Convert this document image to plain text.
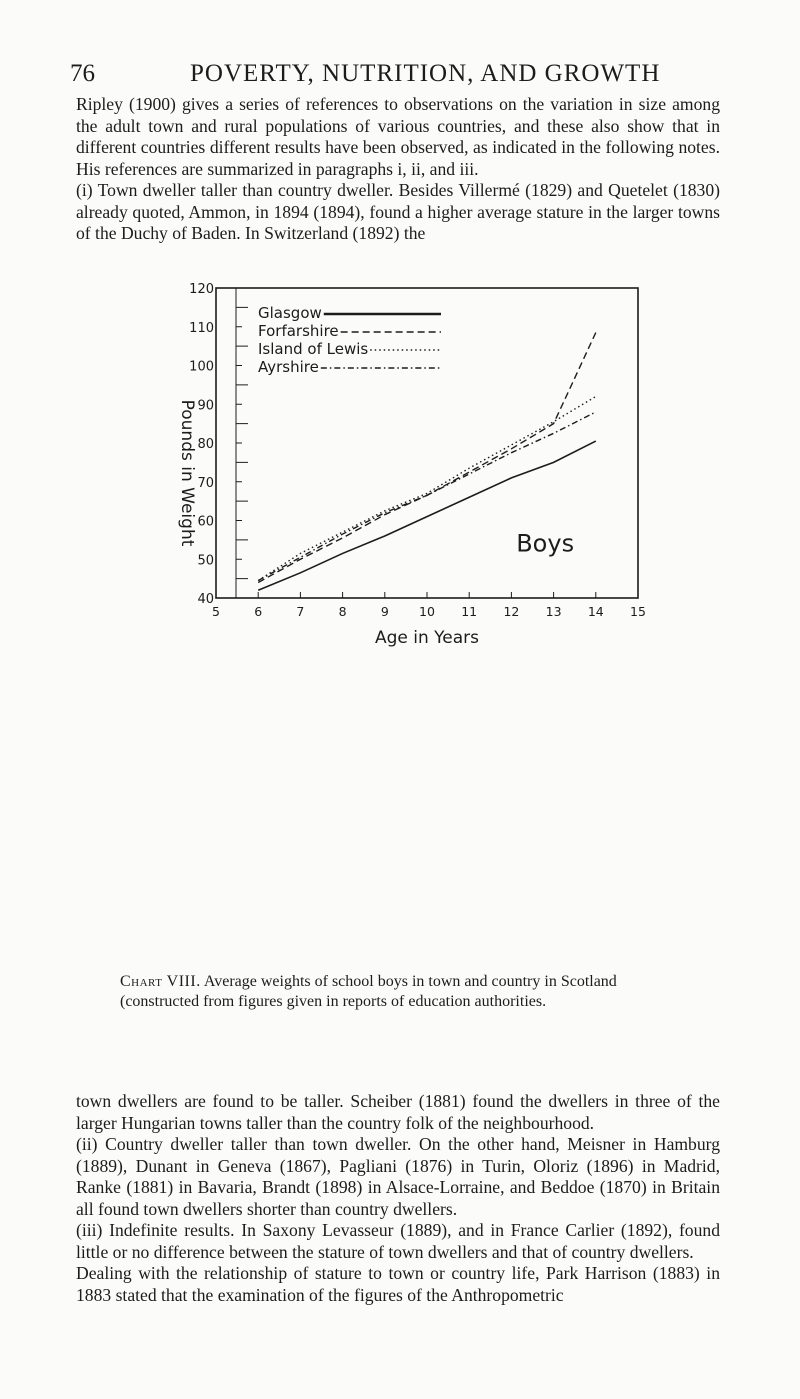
76	POVERTY, NUTRITION, AND GROWTH

Ripley (1900) gives a series of references to observations on the variation in size among the adult town and rural populations of various countries, and these also show that in different countries different results have been observed, as indicated in the following notes. His references are summarized in paragraphs i, ii, and iii.

(i) Town dweller taller than country dweller. Besides Villermé (1829) and Quetelet (1830) already quoted, Ammon, in 1894 (1894), found a higher average stature in the larger towns of the Duchy of Baden. In Switzerland (1892) the

40
50
60
70
80
90
100
110
120
5	6	7	8	9 10 11 12 13 14 15
Age in Years
Pounds in Weight
Glasgow
Forfarshire
Island of Lewis
Ayrshire
Boys

Chart VIII. Average weights of school boys in town and country in Scotland (constructed from figures given in reports of education authorities.

town dwellers are found to be taller. Scheiber (1881) found the dwellers in three of the larger Hungarian towns taller than the country folk of the neighbourhood.

(ii) Country dweller taller than town dweller. On the other hand, Meisner in Hamburg (1889), Dunant in Geneva (1867), Pagliani (1876) in Turin, Oloriz (1896) in Madrid, Ranke (1881) in Bavaria, Brandt (1898) in Alsace-Lorraine, and Beddoe (1870) in Britain all found town dwellers shorter than country dwellers.

(iii) Indefinite results. In Saxony Levasseur (1889), and in France Carlier (1892), found little or no difference between the stature of town dwellers and that of country dwellers.

Dealing with the relationship of stature to town or country life, Park Harrison (1883) in 1883 stated that the examination of the figures of the Anthropometric
